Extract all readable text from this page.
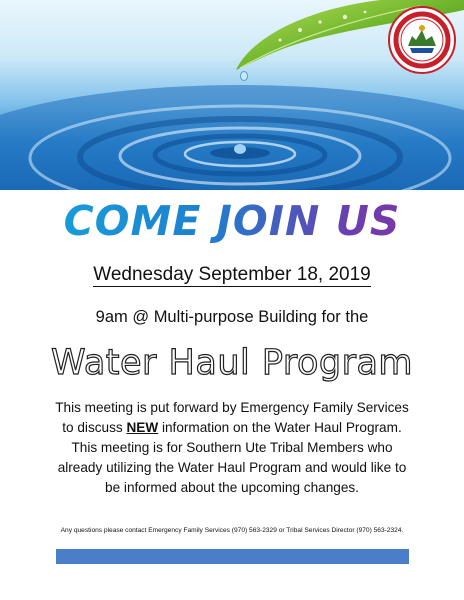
COME JOIN US
Wednesday September 18, 2019
9am @ Multi-purpose Building for the
Water Haul Program
This meeting is put forward by Emergency Family Services
to discuss NEW information on the Water Haul Program.
This meeting is for Southern Ute Tribal Members who
already utilizing the Water Haul Program and would like to
be informed about the upcoming changes.
Any questions please contact Emergency Family Services (970) 563-2329 or Tribal Services Director (970) 563-2324.
